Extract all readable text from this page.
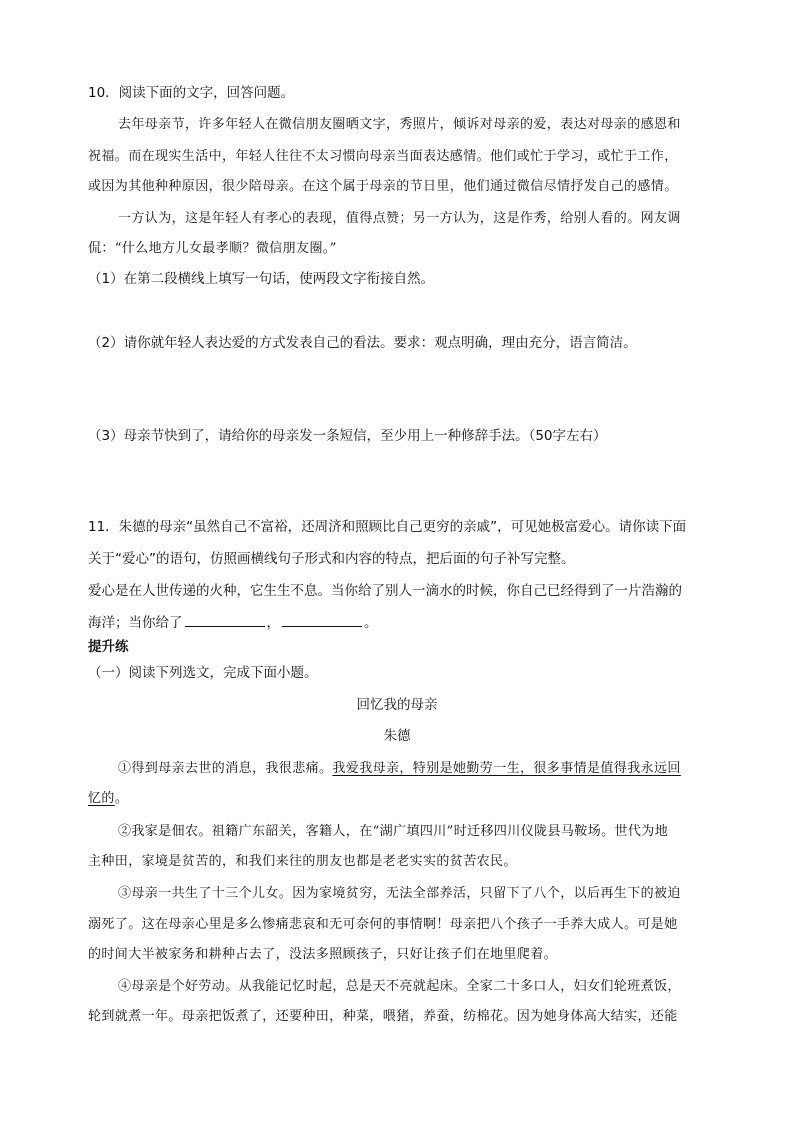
10．阅读下面的文字，回答问题。
去年母亲节，许多年轻人在微信朋友圈晒文字，秀照片，倾诉对母亲的爱，表达对母亲的感恩和
祝福。而在现实生活中，年轻人往往不太习惯向母亲当面表达感情。他们或忙于学习，或忙于工作，
或因为其他种种原因，很少陪母亲。在这个属于母亲的节日里，他们通过微信尽情抒发自己的感情。
一方认为，这是年轻人有孝心的表现，值得点赞；另一方认为，这是作秀，给别人看的。网友调
侃：“什么地方儿女最孝顺？微信朋友圈。”
（1）在第二段横线上填写一句话，使两段文字衔接自然。
（2）请你就年轻人表达爱的方式发表自己的看法。要求：观点明确，理由充分，语言简洁。
（3）母亲节快到了，请给你的母亲发一条短信，至少用上一种修辞手法。（50字左右）
11．朱德的母亲“虽然自己不富裕，还周济和照顾比自己更穷的亲戚”，可见她极富爱心。请你读下面
关于“爱心”的语句，仿照画横线句子形式和内容的特点，把后面的句子补写完整。
爱心是在人世传递的火种，它生生不息。当你给了别人一滴水的时候，你自己已经得到了一片浩瀚的
海洋；当你给了	，	。
提升练
（一）阅读下列选文，完成下面小题。
回忆我的母亲
朱德
①得到母亲去世的消息，我很悲痛。我爱我母亲，特别是她勤劳一生，很多事情是值得我永远回
忆的。
②我家是佃农。祖籍广东韶关，客籍人，在“湖广填四川”时迁移四川仪陇县马鞍场。世代为地
主种田，家境是贫苦的，和我们来往的朋友也都是老老实实的贫苦农民。
③母亲一共生了十三个儿女。因为家境贫穷，无法全部养活，只留下了八个，以后再生下的被迫
溺死了。这在母亲心里是多么惨痛悲哀和无可奈何的事情啊！母亲把八个孩子一手养大成人。可是她
的时间大半被家务和耕种占去了，没法多照顾孩子，只好让孩子们在地里爬着。
④母亲是个好劳动。从我能记忆时起，总是天不亮就起床。全家二十多口人，妇女们轮班煮饭，
轮到就煮一年。母亲把饭煮了，还要种田，种菜，喂猪，养蚕，纺棉花。因为她身体高大结实，还能
